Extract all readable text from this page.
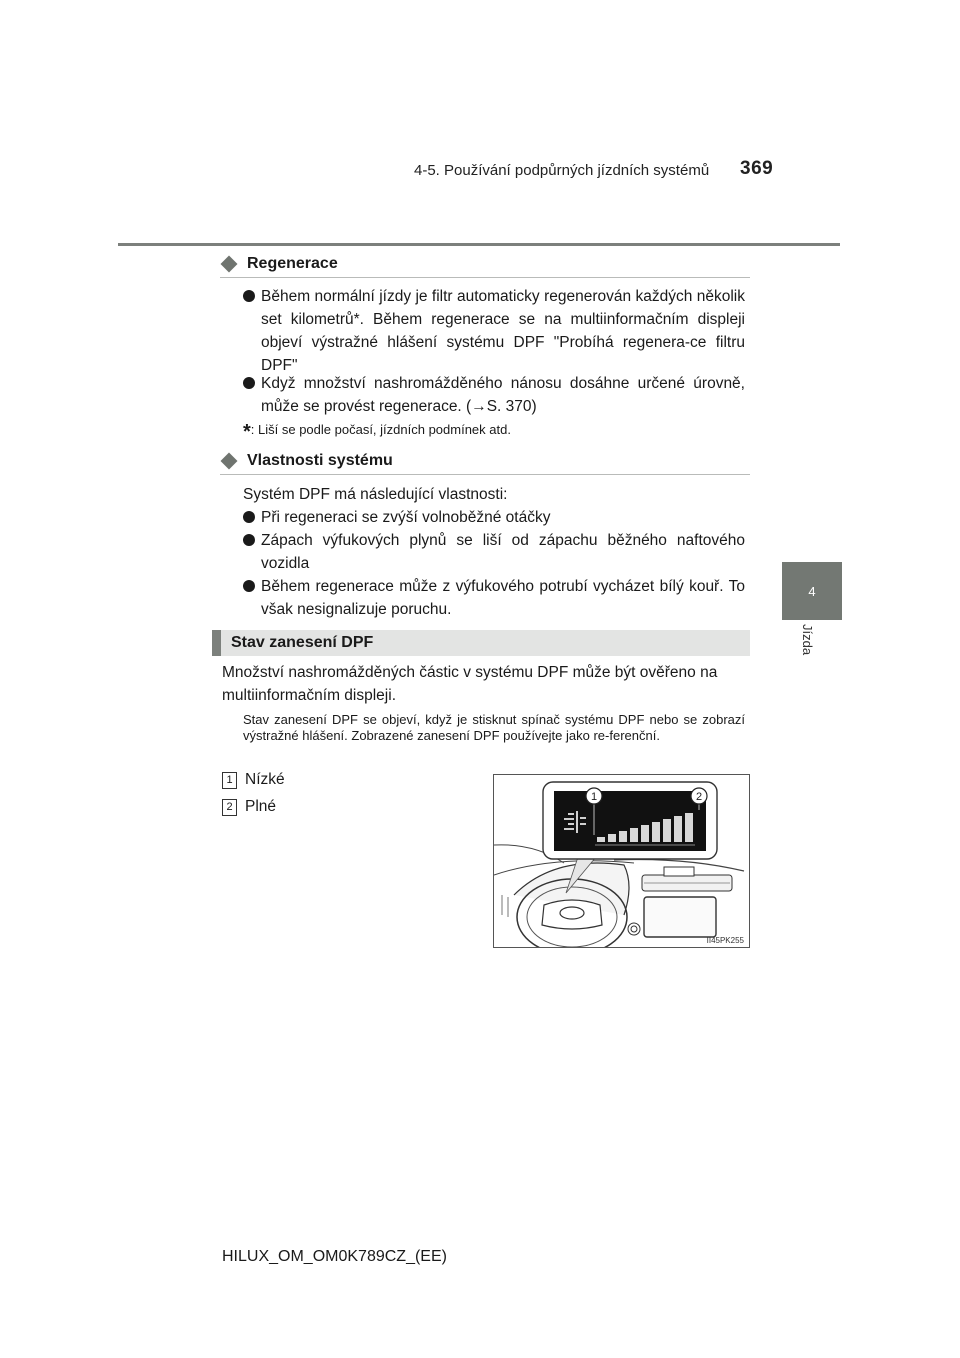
4-5. Používání podpůrných jízdních systémů 369
4
Jízda
Regenerace
Během normální jízdy je filtr automaticky regenerován každých několik set kilometrů*. Během regenerace se na multiinformačním displeji objeví výstražné hlášení systému DPF "Probíhá regenera-ce filtru DPF"
Když množství nashromážděného nánosu dosáhne určené úrovně, může se provést regenerace. (→S. 370)
*: Liší se podle počasí, jízdních podmínek atd.
Vlastnosti systému
Systém DPF má následující vlastnosti:
Při regeneraci se zvýší volnoběžné otáčky
Zápach výfukových plynů se liší od zápachu běžného naftového vozidla
Během regenerace může z výfukového potrubí vycházet bílý kouř. To však nesignalizuje poruchu.
Stav zanesení DPF
Množství nashromážděných částic v systému DPF může být ověřeno na multiinformačním displeji.
Stav zanesení DPF se objeví, když je stisknut spínač systému DPF nebo se zobrazí výstražné hlášení. Zobrazené zanesení DPF používejte jako re-ferenční.
1 Nízké
2 Plné
1	2
II45PK255
HILUX_OM_OM0K789CZ_(EE)
